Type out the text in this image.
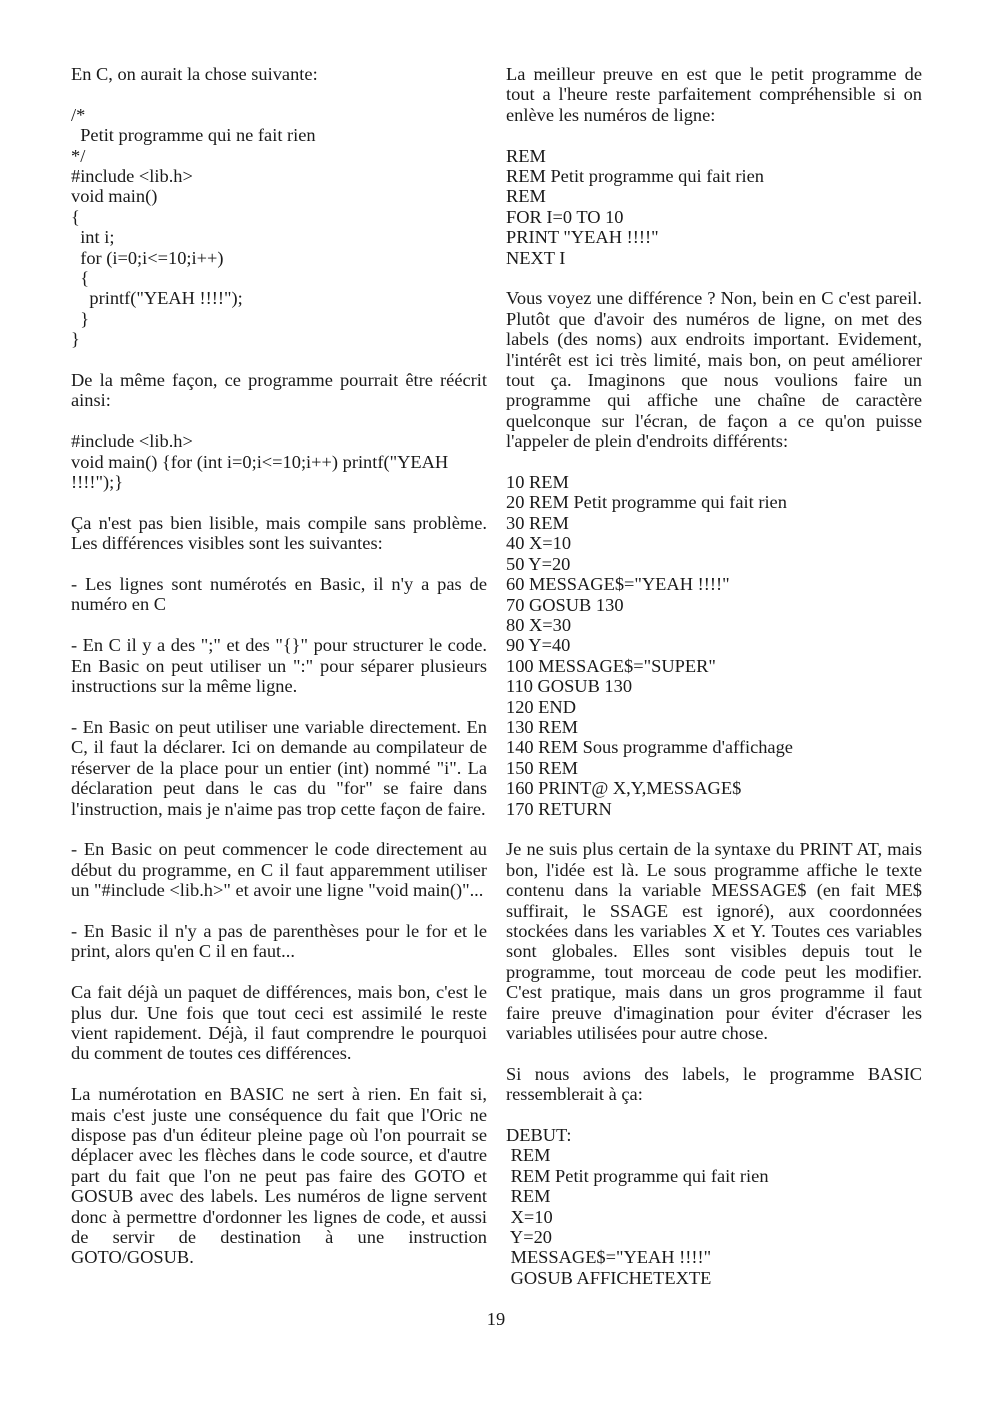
En C, on aurait la chose suivante:
/*
Petit programme qui ne fait rien
*/
#include <lib.h>
void main()
{
int i;
for (i=0;i<=10;i++)
{
printf("YEAH !!!!");
}
}
De la même façon, ce programme pourrait être réécrit ainsi:
#include <lib.h>
void main() {for (int i=0;i<=10;i++) printf("YEAH
!!!!");}
Ça n'est pas bien lisible, mais compile sans problème. Les différences visibles sont les suivantes:
- Les lignes sont numérotés en Basic, il n'y a pas de numéro en C
- En C il y a des ";" et des "{}" pour structurer le code. En Basic on peut utiliser un ":" pour séparer plusieurs instructions sur la même ligne.
- En Basic on peut utiliser une variable directement. En C, il faut la déclarer. Ici on demande au compilateur de réserver de la place pour un entier (int) nommé "i". La déclaration peut dans le cas du "for" se faire dans l'instruction, mais je n'aime pas trop cette façon de faire.
- En Basic on peut commencer le code directement au début du programme, en C il faut apparemment utiliser un "#include <lib.h>" et avoir une ligne "void main()"...
- En Basic il n'y a pas de parenthèses pour le for et le print, alors qu'en C il en faut...
Ca fait déjà un paquet de différences, mais bon, c'est le plus dur. Une fois que tout ceci est assimilé le reste vient rapidement. Déjà, il faut comprendre le pourquoi du comment de toutes ces différences.
La numérotation en BASIC ne sert à rien. En fait si, mais c'est juste une conséquence du fait que l'Oric ne dispose pas d'un éditeur pleine page où l'on pourrait se déplacer avec les flèches dans le code source, et d'autre part du fait que l'on ne peut pas faire des GOTO et GOSUB avec des labels. Les numéros de ligne servent donc à permettre d'ordonner les lignes de code, et aussi de servir de destination à une instruction GOTO/GOSUB.
La meilleur preuve en est que le petit programme de tout a l'heure reste parfaitement compréhensible si on enlève les numéros de ligne:
REM
REM Petit programme qui fait rien
REM
FOR I=0 TO 10
PRINT "YEAH !!!!"
NEXT I
Vous voyez une différence ? Non, bein en C c'est pareil. Plutôt que d'avoir des numéros de ligne, on met des labels (des noms) aux endroits important. Evidement, l'intérêt est ici très limité, mais bon, on peut améliorer tout ça. Imaginons que nous voulions faire un programme qui affiche une chaîne de caractère quelconque sur l'écran, de façon a ce qu'on puisse l'appeler de plein d'endroits différents:
10 REM
20 REM Petit programme qui fait rien
30 REM
40 X=10
50 Y=20
60 MESSAGE$="YEAH !!!!"
70 GOSUB 130
80 X=30
90 Y=40
100 MESSAGE$="SUPER"
110 GOSUB 130
120 END
130 REM
140 REM Sous programme d'affichage
150 REM
160 PRINT@ X,Y,MESSAGE$
170 RETURN
Je ne suis plus certain de la syntaxe du PRINT AT, mais bon, l'idée est là. Le sous programme affiche le texte contenu dans la variable MESSAGE$ (en fait ME$ suffirait, le SSAGE est ignoré), aux coordonnées stockées dans les variables X et Y. Toutes ces variables sont globales. Elles sont visibles depuis tout le programme, tout morceau de code peut les modifier. C'est pratique, mais dans un gros programme il faut faire preuve d'imagination pour éviter d'écraser les variables utilisées pour autre chose.
Si nous avions des labels, le programme BASIC ressemblerait à ça:
DEBUT:
REM
REM Petit programme qui fait rien
REM
X=10
Y=20
MESSAGE$="YEAH !!!!"
GOSUB AFFICHETEXTE
19
